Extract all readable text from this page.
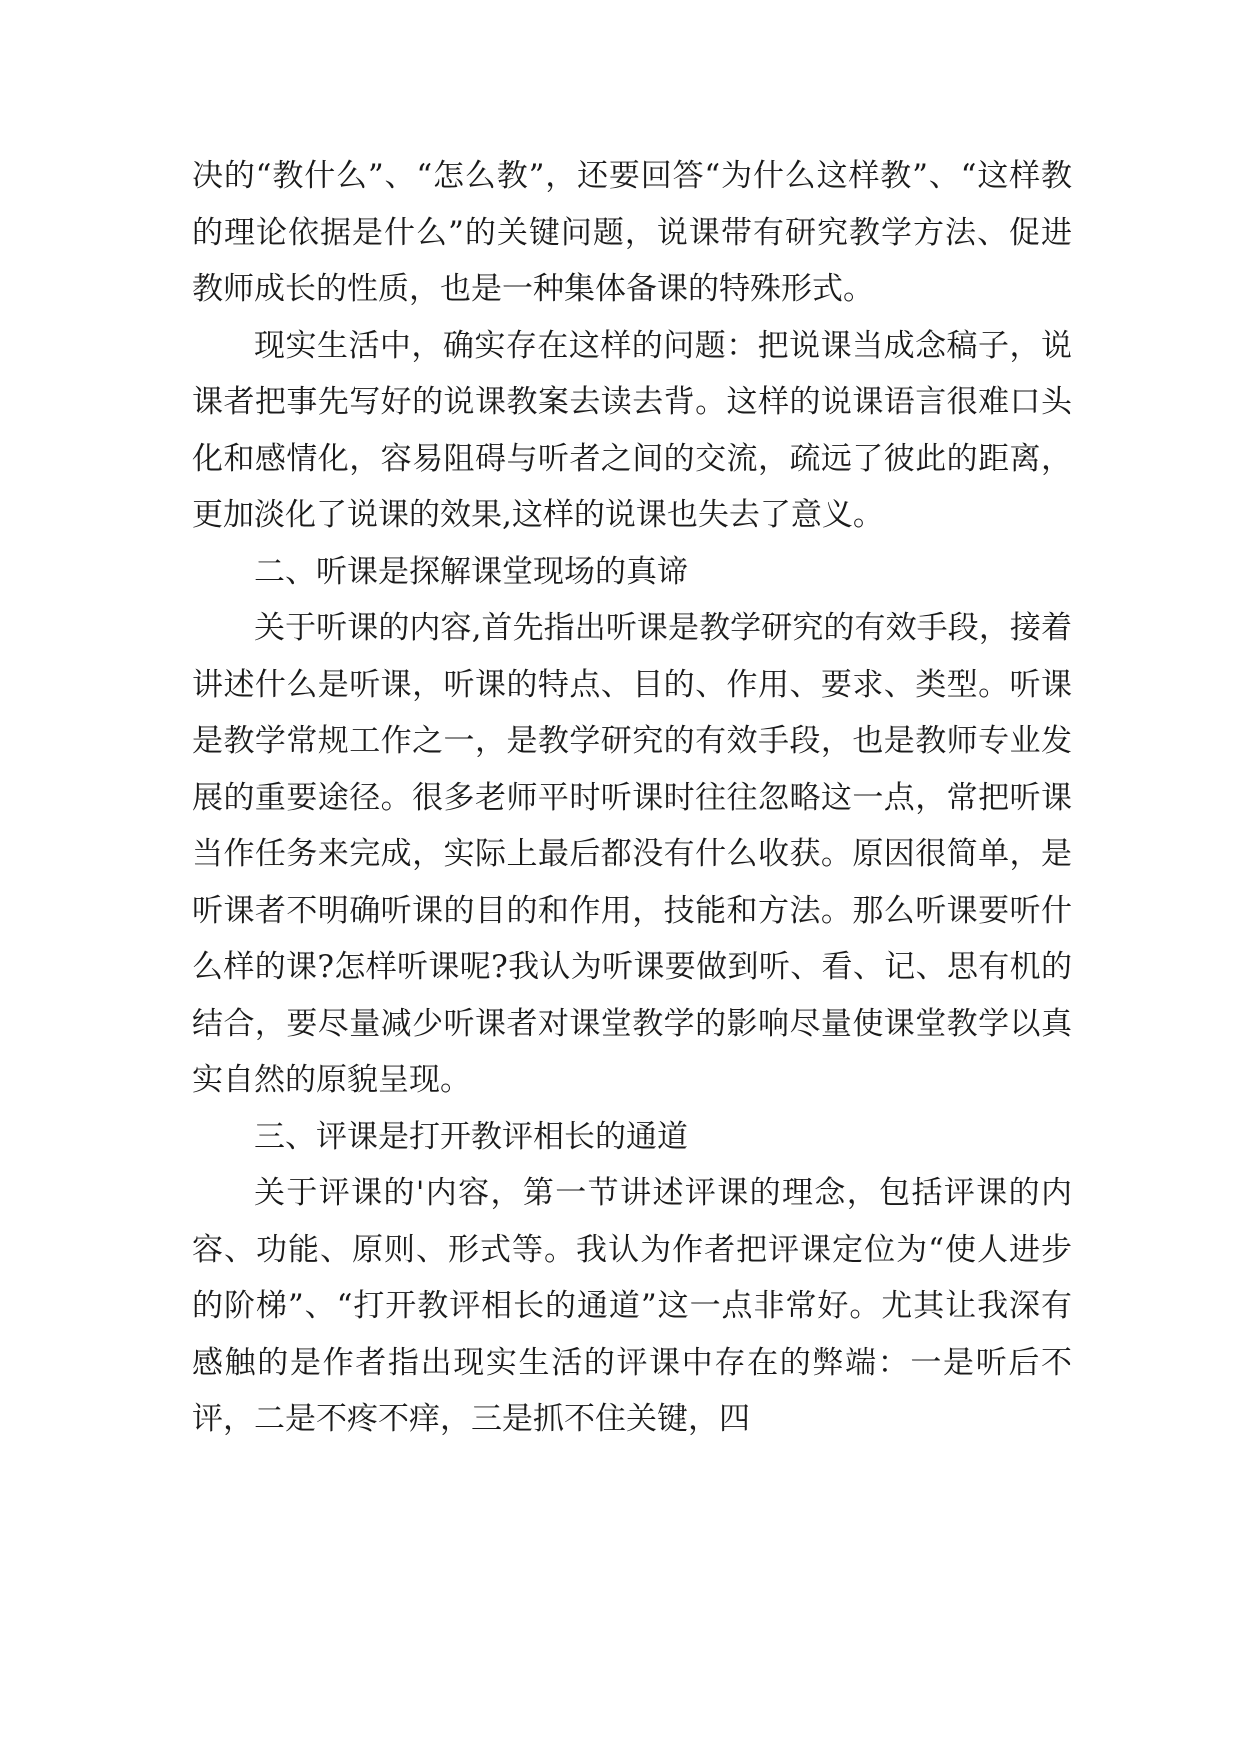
决的“教什么”、“怎么教”，还要回答“为什么这样教”、“这样教的理论依据是什么”的关键问题，说课带有研究教学方法、促进教师成长的性质，也是一种集体备课的特殊形式。

现实生活中，确实存在这样的问题：把说课当成念稿子，说课者把事先写好的说课教案去读去背。这样的说课语言很难口头化和感情化，容易阻碍与听者之间的交流，疏远了彼此的距离，更加淡化了说课的效果,这样的说课也失去了意义。

二、听课是探解课堂现场的真谛

关于听课的内容,首先指出听课是教学研究的有效手段，接着讲述什么是听课，听课的特点、目的、作用、要求、类型。听课是教学常规工作之一，是教学研究的有效手段，也是教师专业发展的重要途径。很多老师平时听课时往往忽略这一点，常把听课当作任务来完成，实际上最后都没有什么收获。原因很简单，是听课者不明确听课的目的和作用，技能和方法。那么听课要听什么样的课?怎样听课呢?我认为听课要做到听、看、记、思有机的结合，要尽量减少听课者对课堂教学的影响尽量使课堂教学以真实自然的原貌呈现。

三、评课是打开教评相长的通道

关于评课的'内容，第一节讲述评课的理念，包括评课的内容、功能、原则、形式等。我认为作者把评课定位为“使人进步的阶梯”、“打开教评相长的通道”这一点非常好。尤其让我深有感触的是作者指出现实生活的评课中存在的弊端：一是听后不评，二是不疼不痒，三是抓不住关键，四
